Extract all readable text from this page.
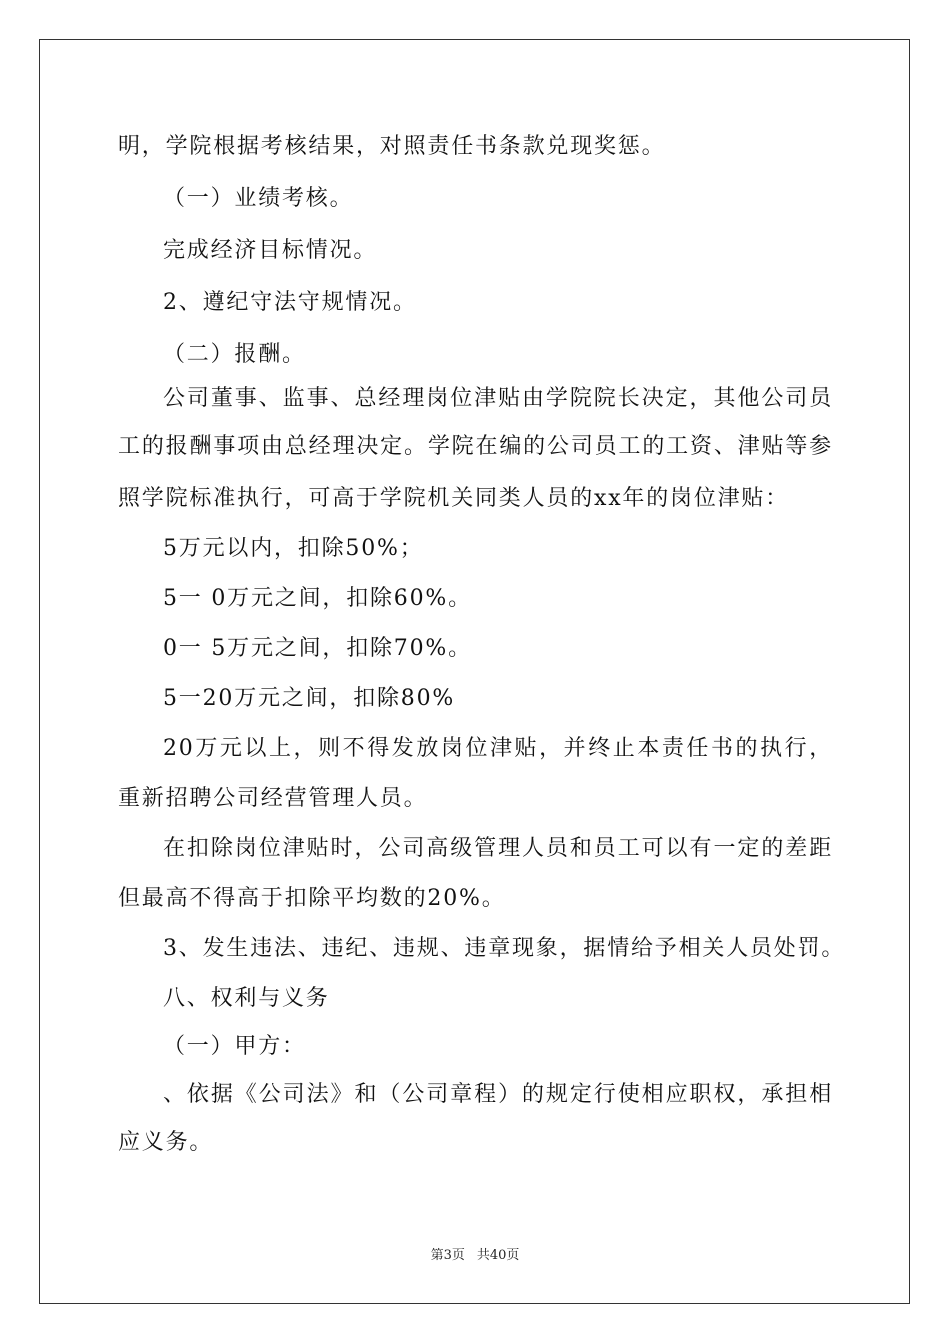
明，学院根据考核结果，对照责任书条款兑现奖惩。
（一）业绩考核。
完成经济目标情况。
2、遵纪守法守规情况。
（二）报酬。
公司董事、监事、总经理岗位津贴由学院院长决定，其他公司员
工的报酬事项由总经理决定。学院在编的公司员工的工资、津贴等参
照学院标准执行，可高于学院机关同类人员的xx年的岗位津贴：
5万元以内，扣除50%；
5一 0万元之间，扣除60%。
0一 5万元之间，扣除70%。
5一20万元之间，扣除80%
20万元以上，则不得发放岗位津贴，并终止本责任书的执行，
重新招聘公司经营管理人员。
在扣除岗位津贴时，公司高级管理人员和员工可以有一定的差距
但最高不得高于扣除平均数的20%。
3、发生违法、违纪、违规、违章现象，据情给予相关人员处罚。
八、权利与义务
（一）甲方：
、依据《公司法》和（公司章程）的规定行使相应职权，承担相
应义务。
第3页 共40页
